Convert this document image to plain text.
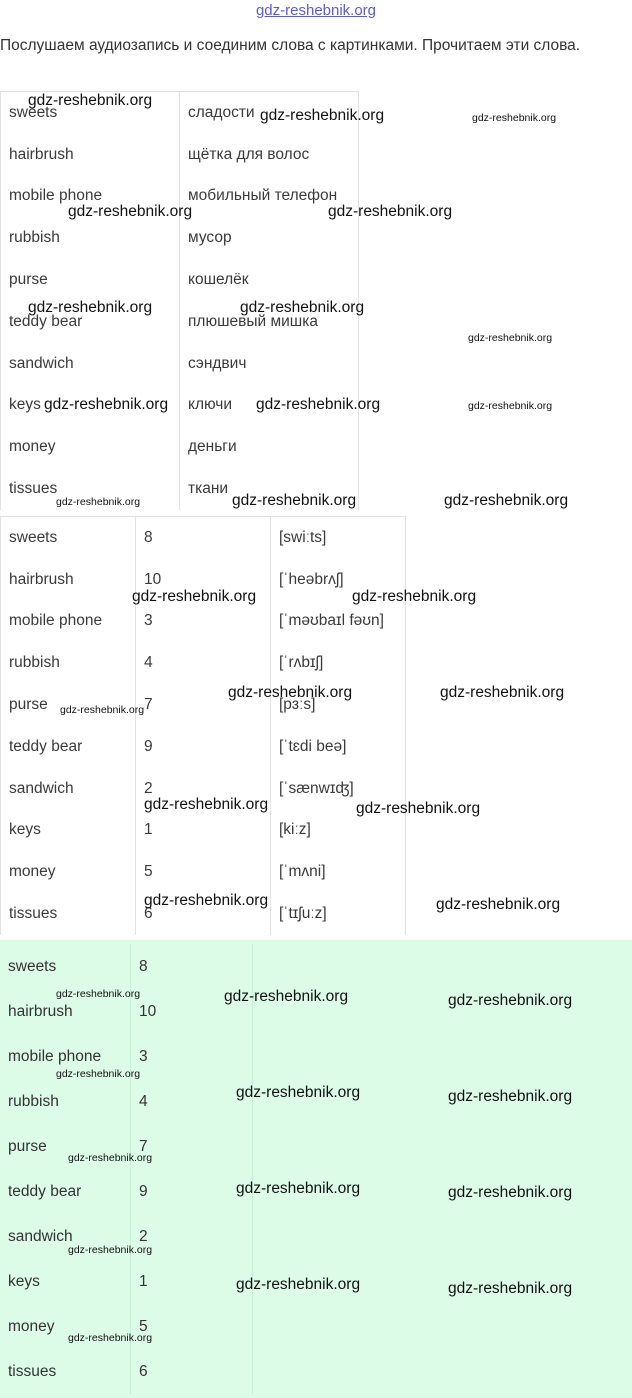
gdz-reshebnik.org
Послушаем аудиозапись и соединим слова с картинками. Прочитаем эти слова.
sweets	сладости
hairbrush	щётка для волос
mobile phone	мобильный телефон
rubbish	мусор
purse	кошелёк
teddy bear	плюшевый мишка
sandwich	сэндвич
keys	ключи
money	деньги
tissues	ткани
sweets	8	[swiːts]
hairbrush	10	[ˈheəbrʌʃ]
mobile phone	3	[ˈməʊbaɪl fəʊn]
rubbish	4	[ˈrʌbɪʃ]
purse	7	[pɜːs]
teddy bear	9	[ˈtɛdi beə]
sandwich	2	[ˈsænwɪʤ]
keys	1	[kiːz]
money	5	[ˈmʌni]
tissues	6	[ˈtɪʃuːz]
sweets	8
hairbrush	10
mobile phone	3
rubbish	4
purse	7
teddy bear	9
sandwich	2
keys	1
money	5
tissues	6
gdz-reshebnik.org
gdz-reshebnik.org	gdz-reshebnik.org
gdz-reshebnik.org	gdz-reshebnik.org
gdz-reshebnik.org	gdz-reshebnik.org
gdz-reshebnik.org
gdz-reshebnik.org	gdz-reshebnik.org	gdz-reshebnik.org
gdz-reshebnik.org	gdz-reshebnik.org	gdz-reshebnik.org
gdz-reshebnik.org	gdz-reshebnik.org
gdz-reshebnik.org	gdz-reshebnik.org
gdz-reshebnik.org
gdz-reshebnik.org	gdz-reshebnik.org
gdz-reshebnik.org	gdz-reshebnik.org
gdz-reshebnik.org	gdz-reshebnik.org	gdz-reshebnik.org
gdz-reshebnik.org
gdz-reshebnik.org	gdz-reshebnik.org
gdz-reshebnik.org
gdz-reshebnik.org	gdz-reshebnik.org
gdz-reshebnik.org
gdz-reshebnik.org	gdz-reshebnik.org
gdz-reshebnik.org
